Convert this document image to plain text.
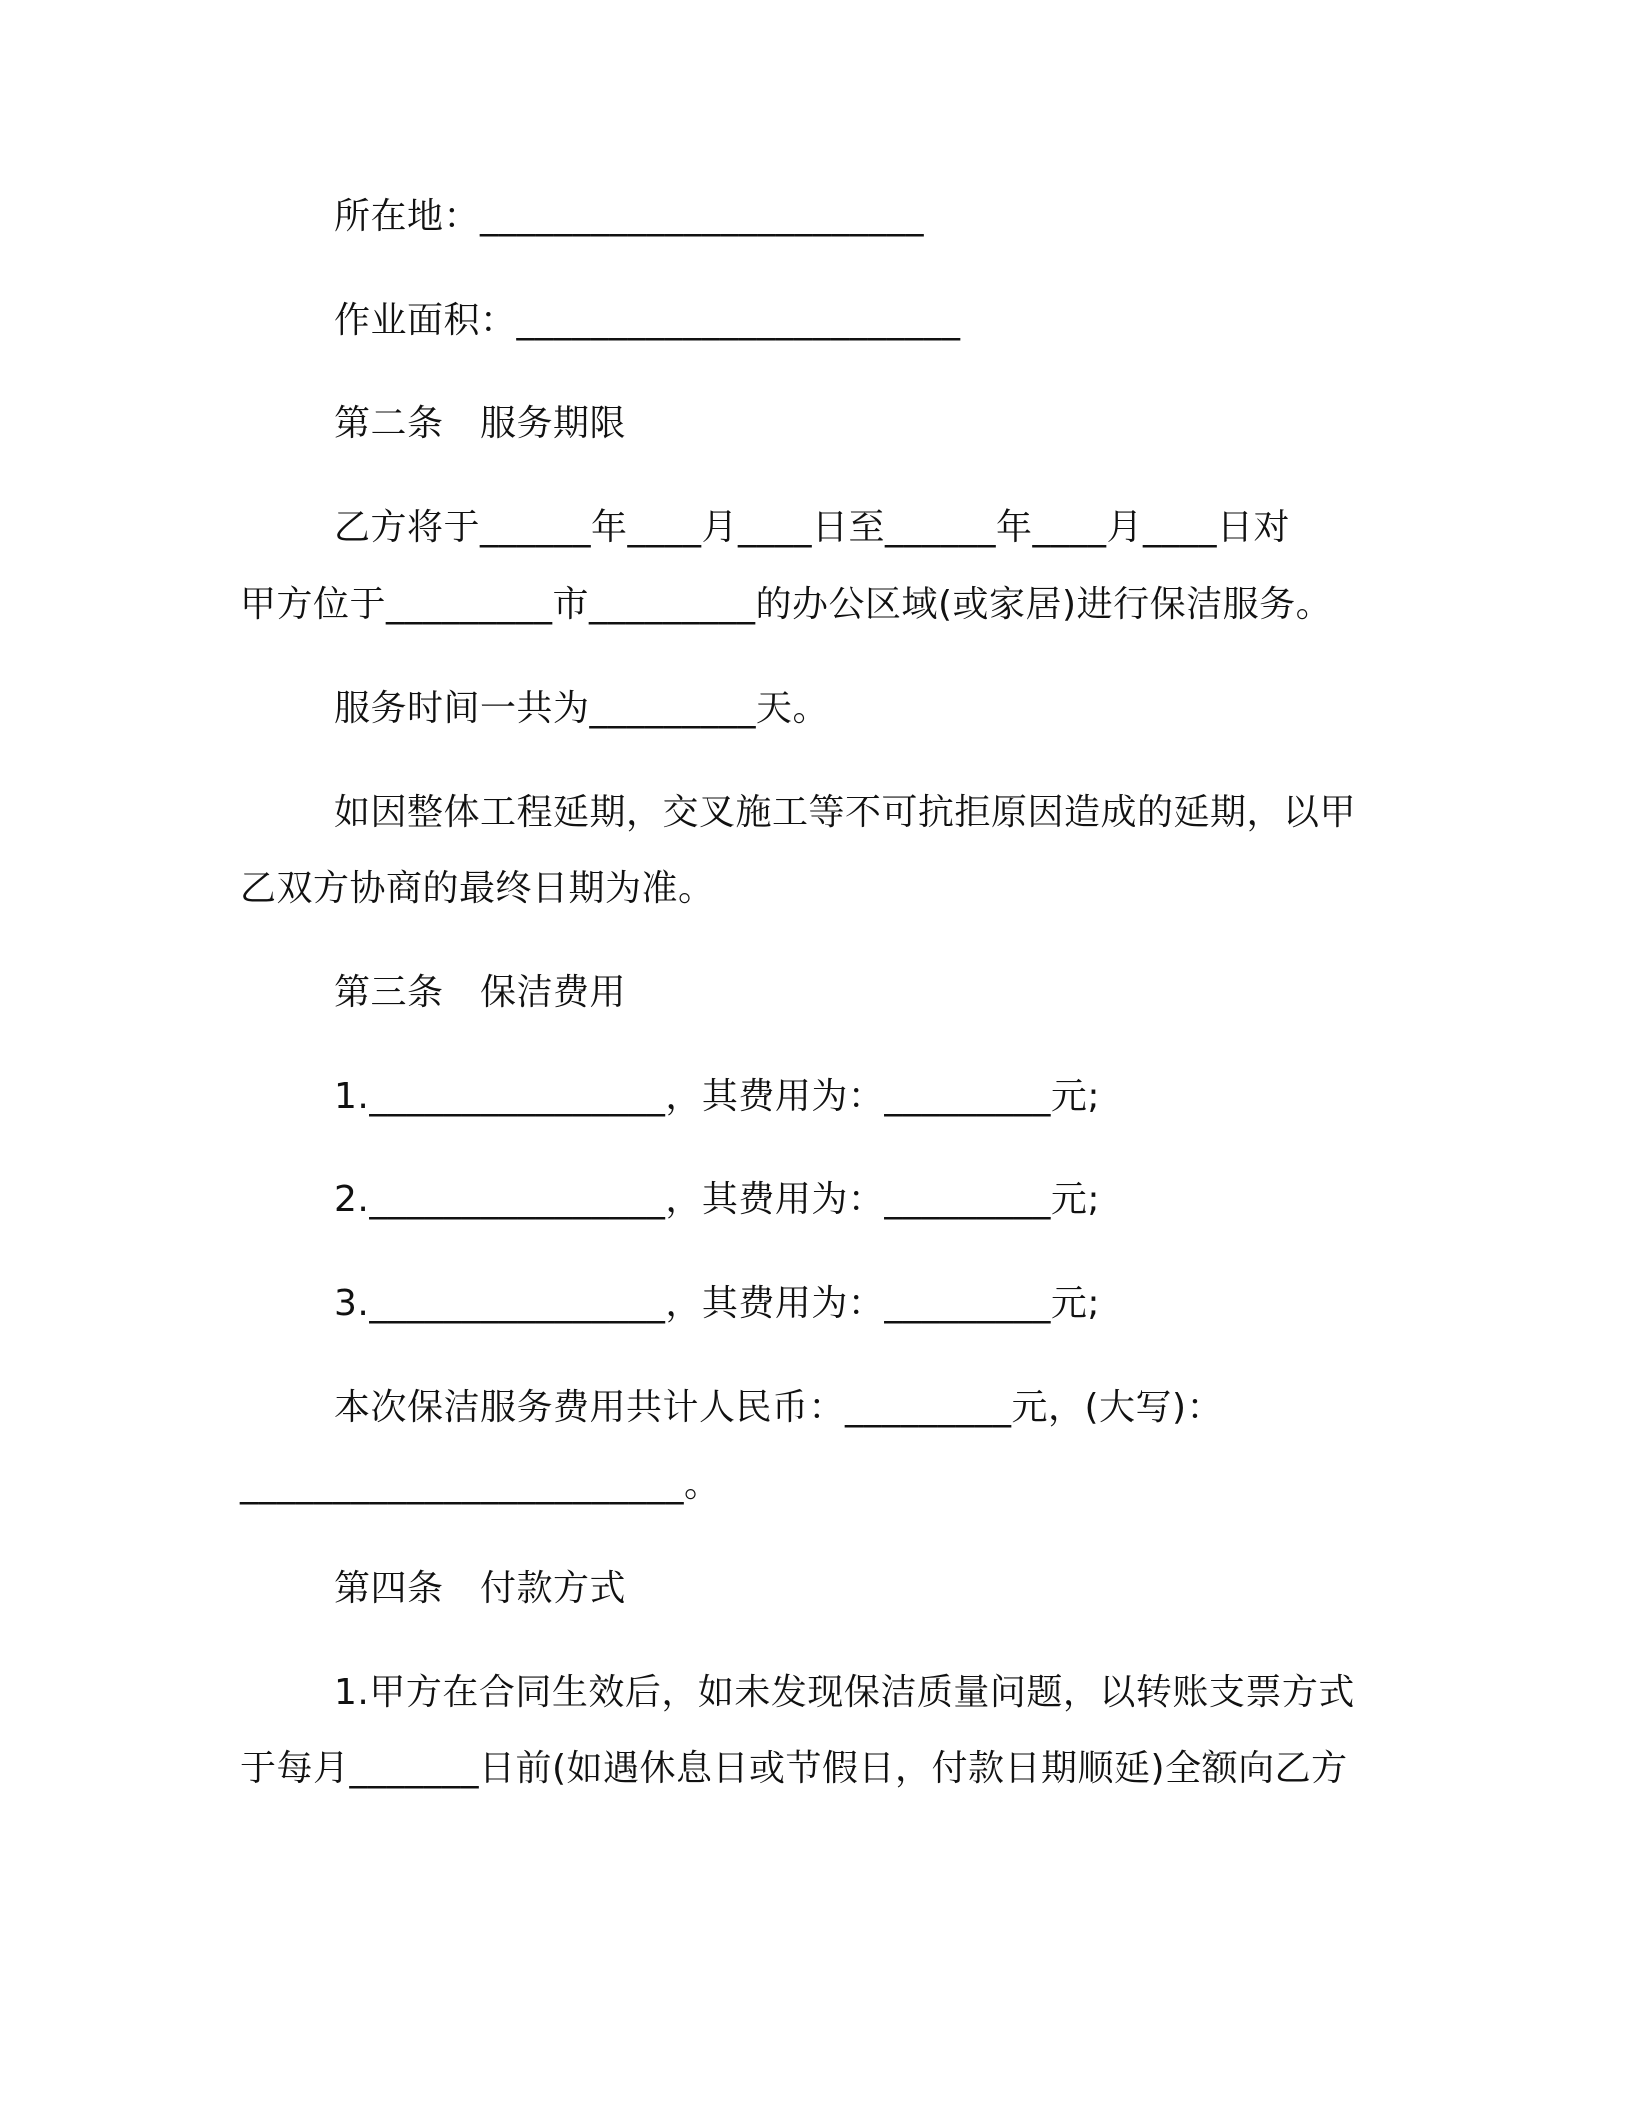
所在地：________________________
作业面积：________________________
第二条　服务期限
乙方将于______年____月____日至______年____月____日对
甲方位于_________市_________的办公区域(或家居)进行保洁服务。
服务时间一共为_________天。
如因整体工程延期，交叉施工等不可抗拒原因造成的延期，以甲
乙双方协商的最终日期为准。
第三条　保洁费用
1.________________，其费用为：_________元;
2.________________，其费用为：_________元;
3.________________，其费用为：_________元;
本次保洁服务费用共计人民币：_________元，(大写)：
________________________。
第四条　付款方式
1.甲方在合同生效后，如未发现保洁质量问题，以转账支票方式
于每月_______日前(如遇休息日或节假日，付款日期顺延)全额向乙方
